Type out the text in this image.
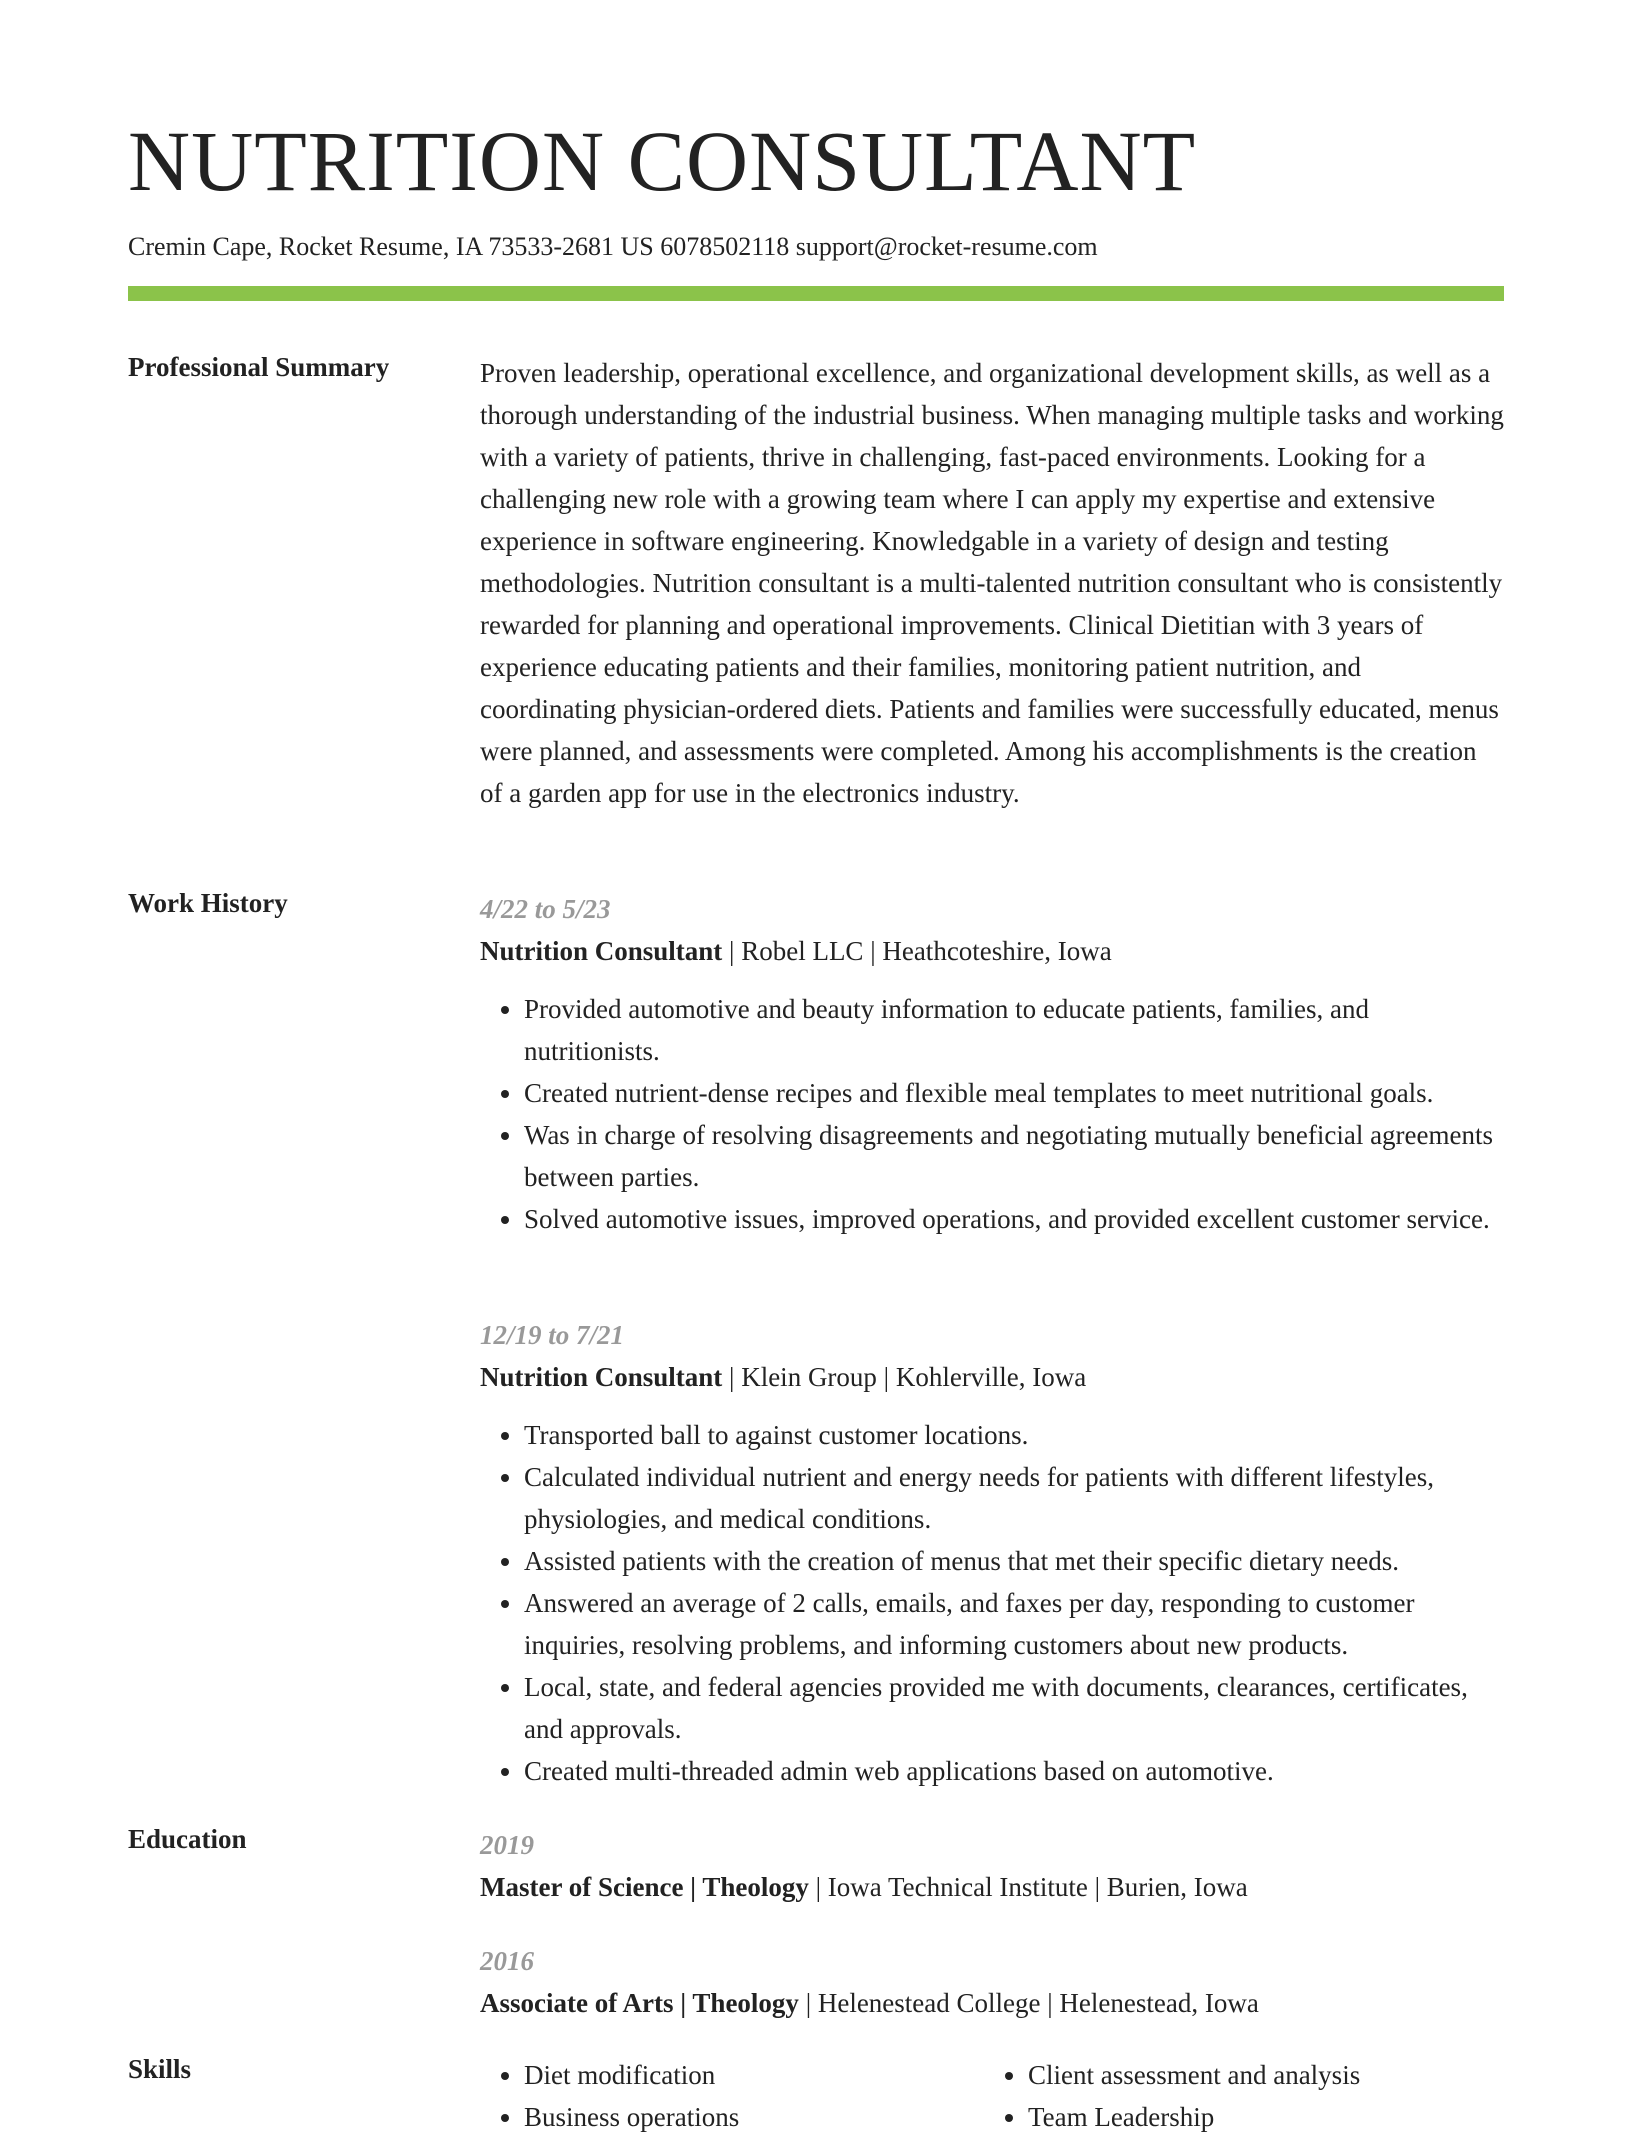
NUTRITION CONSULTANT
Cremin Cape, Rocket Resume, IA 73533-2681 US 6078502118 support@rocket-resume.com
Professional Summary	Proven leadership, operational excellence, and organizational development skills, as well as a thorough understanding of the industrial business. When managing multiple tasks and working with a variety of patients, thrive in challenging, fast-paced environments. Looking for a challenging new role with a growing team where I can apply my expertise and extensive experience in software engineering. Knowledgable in a variety of design and testing methodologies. Nutrition consultant is a multi-talented nutrition consultant who is consistently rewarded for planning and operational improvements. Clinical Dietitian with 3 years of experience educating patients and their families, monitoring patient nutrition, and coordinating physician-ordered diets. Patients and families were successfully educated, menus were planned, and assessments were completed. Among his accomplishments is the creation of a garden app for use in the electronics industry.

Work History	4/22 to 5/23
Nutrition Consultant | Robel LLC | Heathcoteshire, Iowa
• Provided automotive and beauty information to educate patients, families, and nutritionists.
• Created nutrient-dense recipes and flexible meal templates to meet nutritional goals.
• Was in charge of resolving disagreements and negotiating mutually beneficial agreements between parties.
• Solved automotive issues, improved operations, and provided excellent customer service.
12/19 to 7/21
Nutrition Consultant | Klein Group | Kohlerville, Iowa
• Transported ball to against customer locations.
• Calculated individual nutrient and energy needs for patients with different lifestyles, physiologies, and medical conditions.
• Assisted patients with the creation of menus that met their specific dietary needs.
• Answered an average of 2 calls, emails, and faxes per day, responding to customer inquiries, resolving problems, and informing customers about new products.
• Local, state, and federal agencies provided me with documents, clearances, certificates, and approvals.
• Created multi-threaded admin web applications based on automotive.
Education	2019
Master of Science | Theology | Iowa Technical Institute | Burien, Iowa
2016
Associate of Arts | Theology | Helenestead College | Helenestead, Iowa
Skills
•	Diet modification
• Business operations
• Client assessment and analysis
• Team Leadership
